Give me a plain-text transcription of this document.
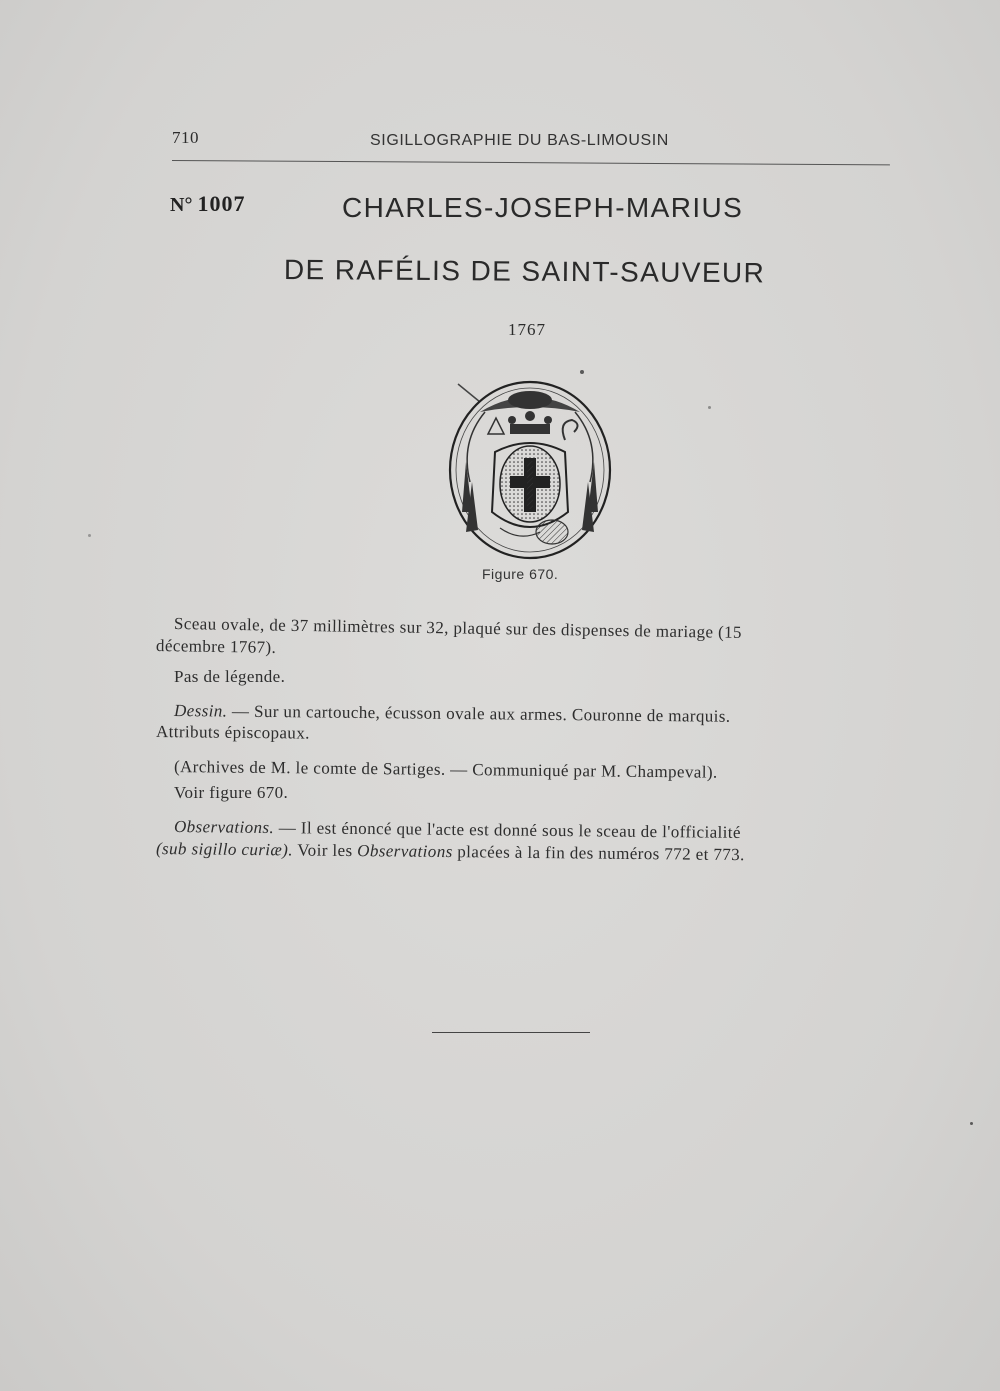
710	SIGILLOGRAPHIE DU BAS-LIMOUSIN
N° 1007	CHARLES-JOSEPH-MARIUS
DE RAFÉLIS DE SAINT-SAUVEUR
1767
Figure 670.
Sceau ovale, de 37 millimètres sur 32, plaqué sur des dispenses de mariage (15
décembre 1767).
Pas de légende.
Dessin. — Sur un cartouche, écusson ovale aux armes. Couronne de marquis.
Attributs épiscopaux.
(Archives de M. le comte de Sartiges. — Communiqué par M. Champeval).
Voir figure 670.
Observations. — Il est énoncé que l'acte est donné sous le sceau de l'officialité
(sub sigillo curiæ). Voir les Observations placées à la fin des numéros 772 et 773.
